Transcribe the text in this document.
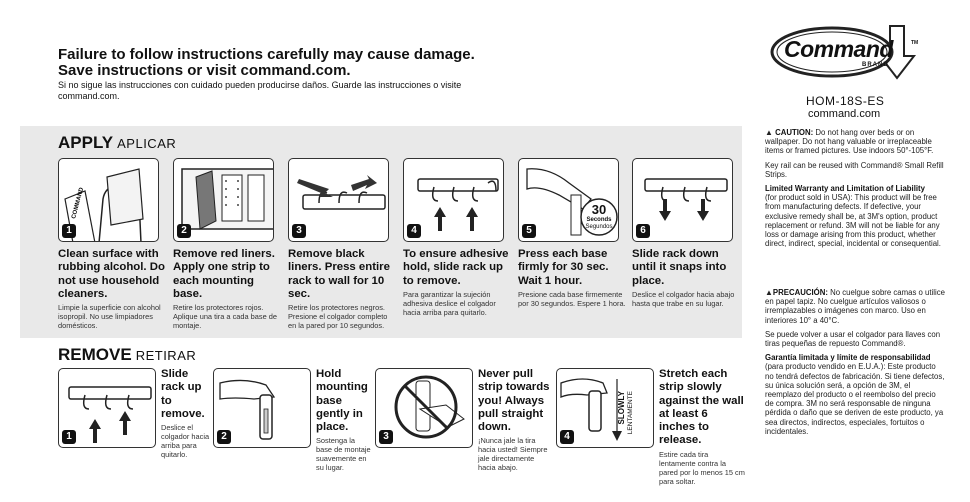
Failure to follow instructions carefully may cause damage.
Save instructions or visit command.com.
Si no sigue las instrucciones con cuidado pueden producirse daños. Guarde las instrucciones o visite command.com.
Command
BRAND
TM
HOM-18S-ES
command.com
APPLY APLICAR
COMMAND
1	2	3	4
30
Seconds
Segundos
5	6
Clean surface with rubbing alcohol. Do not use household cleaners.
Limpie la superficie con alcohol isopropil. No use limpiadores domésticos.
Remove red liners. Apply one strip to each mounting base.
Retire los protectores rojos. Aplique una tira a cada base de montaje.
Remove black liners. Press entire rack to wall for 10 sec.
Retire los protectores negros. Presione el colgador completo en la pared por 10 segundos.
To ensure adhesive hold, slide rack up to remove.
Para garantizar la sujeción adhesiva deslice el colgador hacia arriba para quitarlo.
Press each base firmly for 30 sec. Wait 1 hour.
Presione cada base firmemente por 30 segundos. Espere 1 hora.
Slide rack down until it snaps into place.
Deslice el colgador hacia abajo hasta que trabe en su lugar.
REMOVE RETIRAR
1
Slide rack up to remove.
Deslice el colgador hacia arriba para quitarlo.
2
Hold mounting base gently in place.
Sostenga la base de montaje suavemente en su lugar.
3
Never pull strip towards you! Always pull straight down.
¡Nunca jale la tira hacia usted! Siempre jale directamente hacia abajo.
SLOWLY LENTAMENTE
4
Stretch each strip slowly against the wall at least 6 inches to release.
Estire cada tira lentamente contra la pared por lo menos 15 cm para soltar.
▲ CAUTION: Do not hang over beds or on wallpaper. Do not hang valuable or irreplaceable items or framed pictures. Use indoors 50°-105°F.
Key rail can be reused with Command® Small Refill Strips.
Limited Warranty and Limitation of Liability
(for product sold in USA): This product will be free from manufacturing defects. If defective, your exclusive remedy shall be, at 3M's option, product replacement or refund. 3M will not be liable for any loss or damage arising from this product, whether direct, indirect, special, incidental or consequential.
▲PRECAUCIÓN: No cuelgue sobre camas o utilice en papel tapiz. No cuelgue artículos valiosos o irremplazables o imágenes con marco. Uso en interiores 10° a 40°C.
Se puede volver a usar el colgador para llaves con tiras pequeñas de repuesto Command®.
Garantía limitada y límite de responsabilidad
(para producto vendido en E.U.A.): Este producto no tendrá defectos de fabricación. Si tiene defectos, su única solución será, a opción de 3M, el reemplazo del producto o el reembolso del precio de compra. 3M no será responsable de ninguna pérdida o daño que se deriven de este producto, ya sea directos, indirectos, especiales, fortuitos o incidentales.
